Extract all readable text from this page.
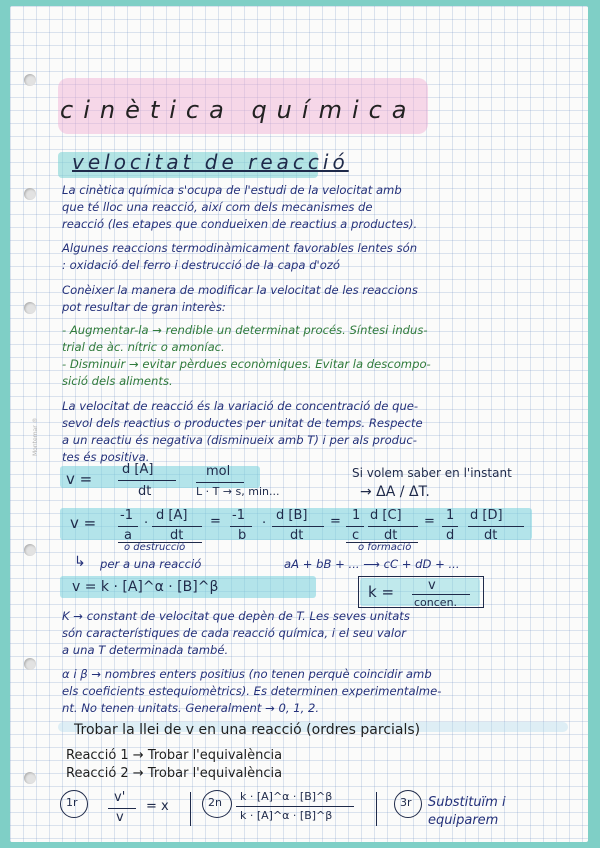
Montemar ®
cinètica química
velocitat de reacció
La cinètica química s'ocupa de l'estudi de la velocitat amb
que té lloc una reacció, així com dels mecanismes de
reacció (les etapes que condueixen de reactius a productes).
Algunes reaccions termodinàmicament favorables lentes són
: oxidació del ferro i destrucció de la capa d'ozó
Conèixer la manera de modificar la velocitat de les reaccions
pot resultar de gran interès:
- Augmentar-la → rendible un determinat procés. Síntesi indus-
trial de àc. nítric o amoníac.
- Disminuir → evitar pèrdues econòmiques. Evitar la descompo-
sició dels aliments.
La velocitat de reacció és la variació de concentració de que-
sevol dels reactius o productes per unitat de temps. Respecte
a un reactiu és negativa (disminueix amb T) i per als produc-
tes és positiva.
v =
d [A]
dt
mol
L · T → s, min...
Si volem saber en l'instant
→ ΔA / ΔT.
v = -1
a
·
d [A]
dt
= -1
b
·
d [B]
dt
= 1
c
d [C]
dt
= 1
d
d [D]
dt
o destrucció	o formació
↳ per a una reacció	aA + bB + ... ⟶ cC + dD + ...
v = k · [A]^α · [B]^β	k =	v
concen.
K → constant de velocitat que depèn de T. Les seves unitats
són característiques de cada reacció química, i el seu valor
a una T determinada també.
α i β → nombres enters positius (no tenen perquè coincidir amb
els coeficients estequiomètrics). Es determinen experimentalme-
nt. No tenen unitats. Generalment → 0, 1, 2.
Trobar la llei de v en una reacció (ordres parcials)
Reacció 1 → Trobar l'equivalència
Reacció 2 → Trobar l'equivalència
1r	v'
v
= x	2n k · [A]^α · [B]^β
k · [A]^α · [B]^β
3r Substituïm i
equiparem
